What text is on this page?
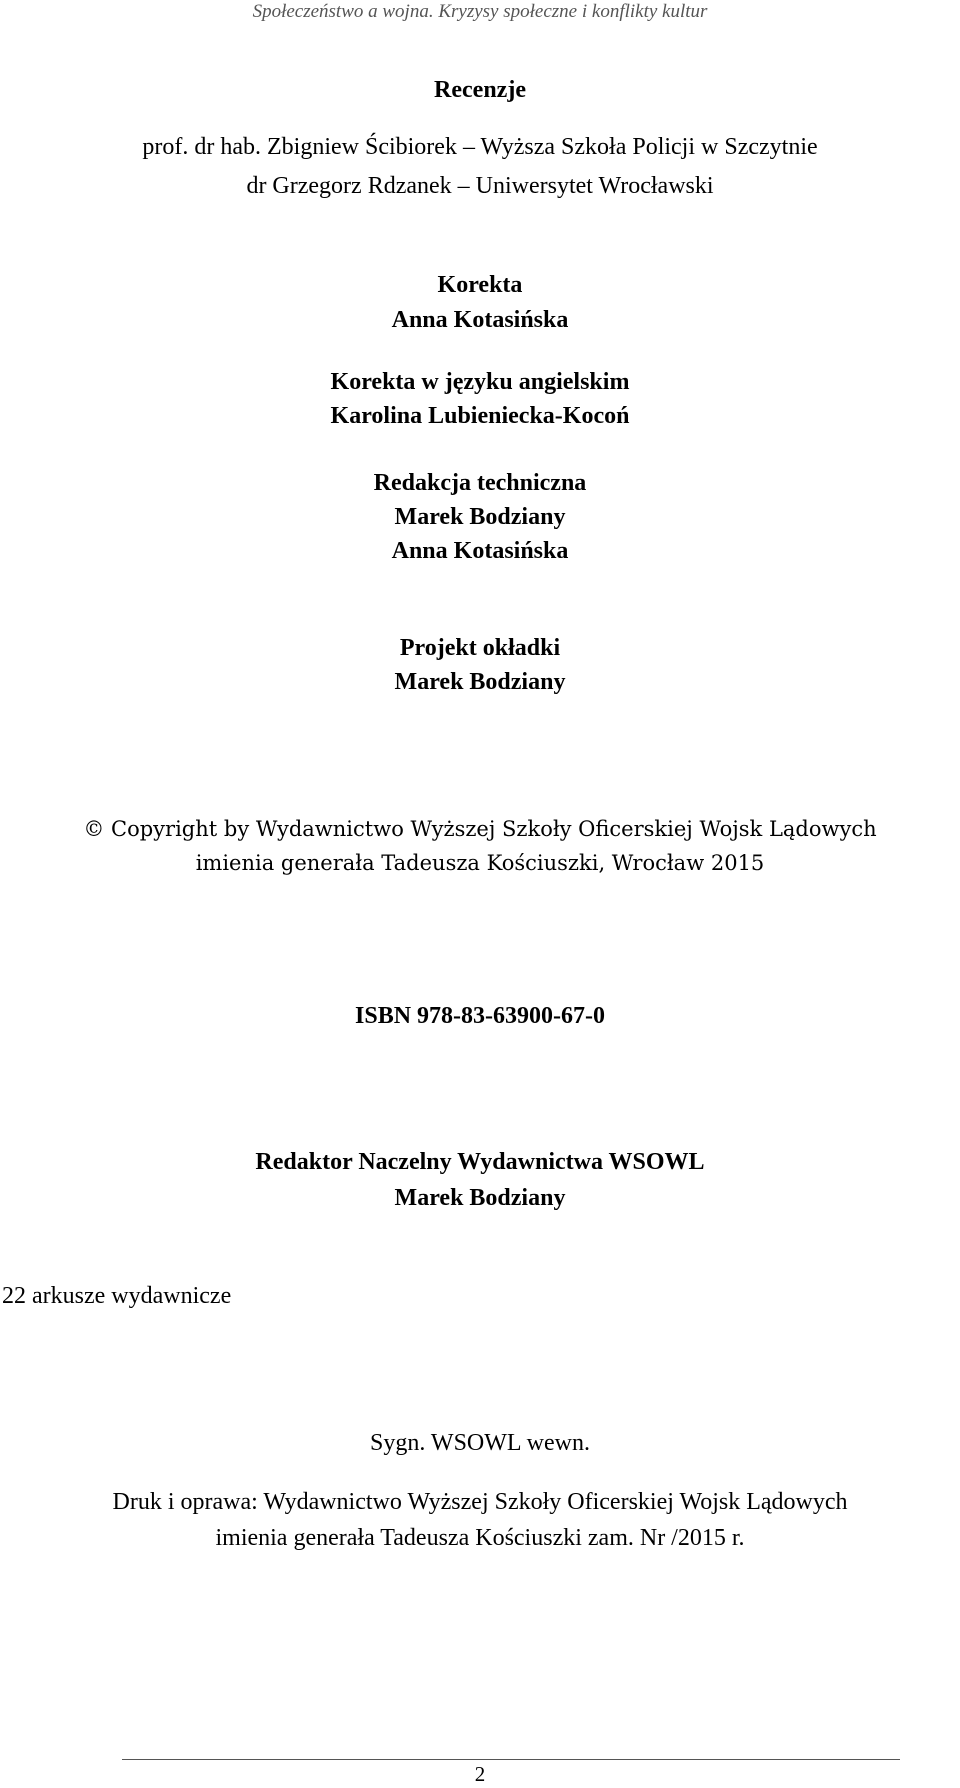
Społeczeństwo a wojna. Kryzysy społeczne i konflikty kultur
Recenzje
prof. dr hab. Zbigniew Ścibiorek – Wyższa Szkoła Policji w Szczytnie
dr Grzegorz Rdzanek – Uniwersytet Wrocławski
Korekta
Anna Kotasińska
Korekta w języku angielskim
Karolina Lubieniecka-Kocoń
Redakcja techniczna
Marek Bodziany
Anna Kotasińska
Projekt okładki
Marek Bodziany
© Copyright by Wydawnictwo Wyższej Szkoły Oficerskiej Wojsk Lądowych
imienia generała Tadeusza Kościuszki, Wrocław 2015
ISBN 978-83-63900-67-0
Redaktor Naczelny Wydawnictwa WSOWL
Marek Bodziany
22 arkusze wydawnicze
Sygn. WSOWL wewn.
Druk i oprawa: Wydawnictwo Wyższej Szkoły Oficerskiej Wojsk Lądowych
imienia generała Tadeusza Kościuszki zam. Nr /2015 r.
2
